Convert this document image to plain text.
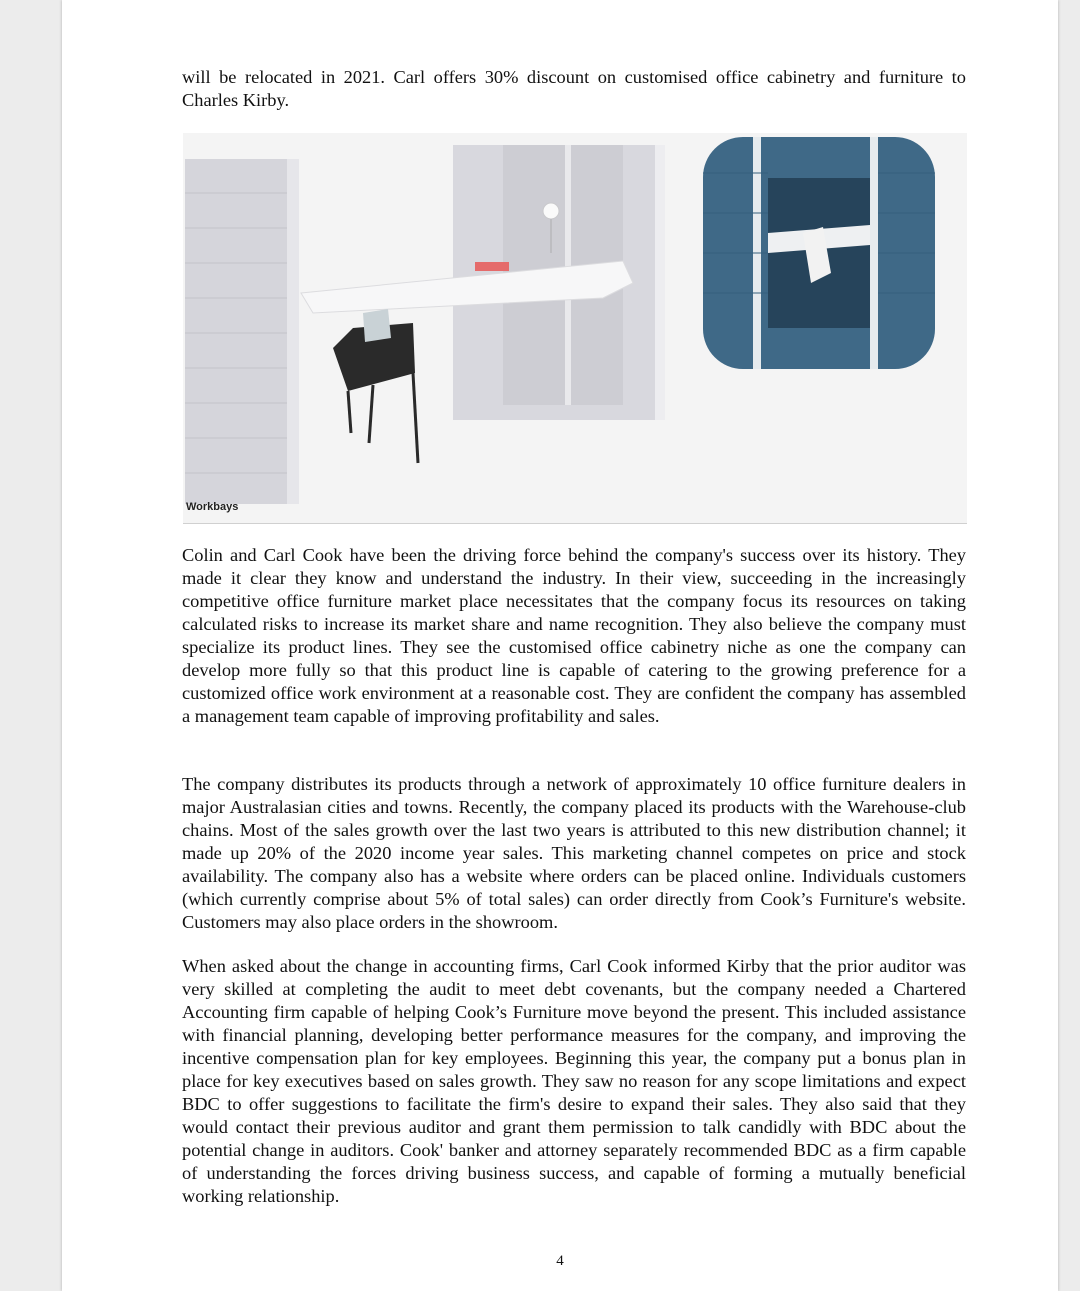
will be relocated in 2021. Carl offers 30% discount on customised office cabinetry and furniture to Charles Kirby.

Workbays

Colin and Carl Cook have been the driving force behind the company's success over its history. They made it clear they know and understand the industry. In their view, succeeding in the increasingly competitive office furniture market place necessitates that the company focus its resources on taking calculated risks to increase its market share and name recognition. They also believe the company must specialize its product lines. They see the customised office cabinetry niche as one the company can develop more fully so that this product line is capable of catering to the growing preference for a customized office work environment at a reasonable cost. They are confident the company has assembled a management team capable of improving profitability and sales.

The company distributes its products through a network of approximately 10 office furniture dealers in major Australasian cities and towns. Recently, the company placed its products with the Warehouse-club chains. Most of the sales growth over the last two years is attributed to this new distribution channel; it made up 20% of the 2020 income year sales. This marketing channel competes on price and stock availability. The company also has a website where orders can be placed online. Individuals customers (which currently comprise about 5% of total sales) can order directly from Cook’s Furniture's website. Customers may also place orders in the showroom.

When asked about the change in accounting firms, Carl Cook informed Kirby that the prior auditor was very skilled at completing the audit to meet debt covenants, but the company needed a Chartered Accounting firm capable of helping Cook’s Furniture move beyond the present. This included assistance with financial planning, developing better performance measures for the company, and improving the incentive compensation plan for key employees. Beginning this year, the company put a bonus plan in place for key executives based on sales growth. They saw no reason for any scope limitations and expect BDC to offer suggestions to facilitate the firm's desire to expand their sales. They also said that they would contact their previous auditor and grant them permission to talk candidly with BDC about the potential change in auditors. Cook' banker and attorney separately recommended BDC as a firm capable of understanding the forces driving business success, and capable of forming a mutually beneficial working relationship.

4
